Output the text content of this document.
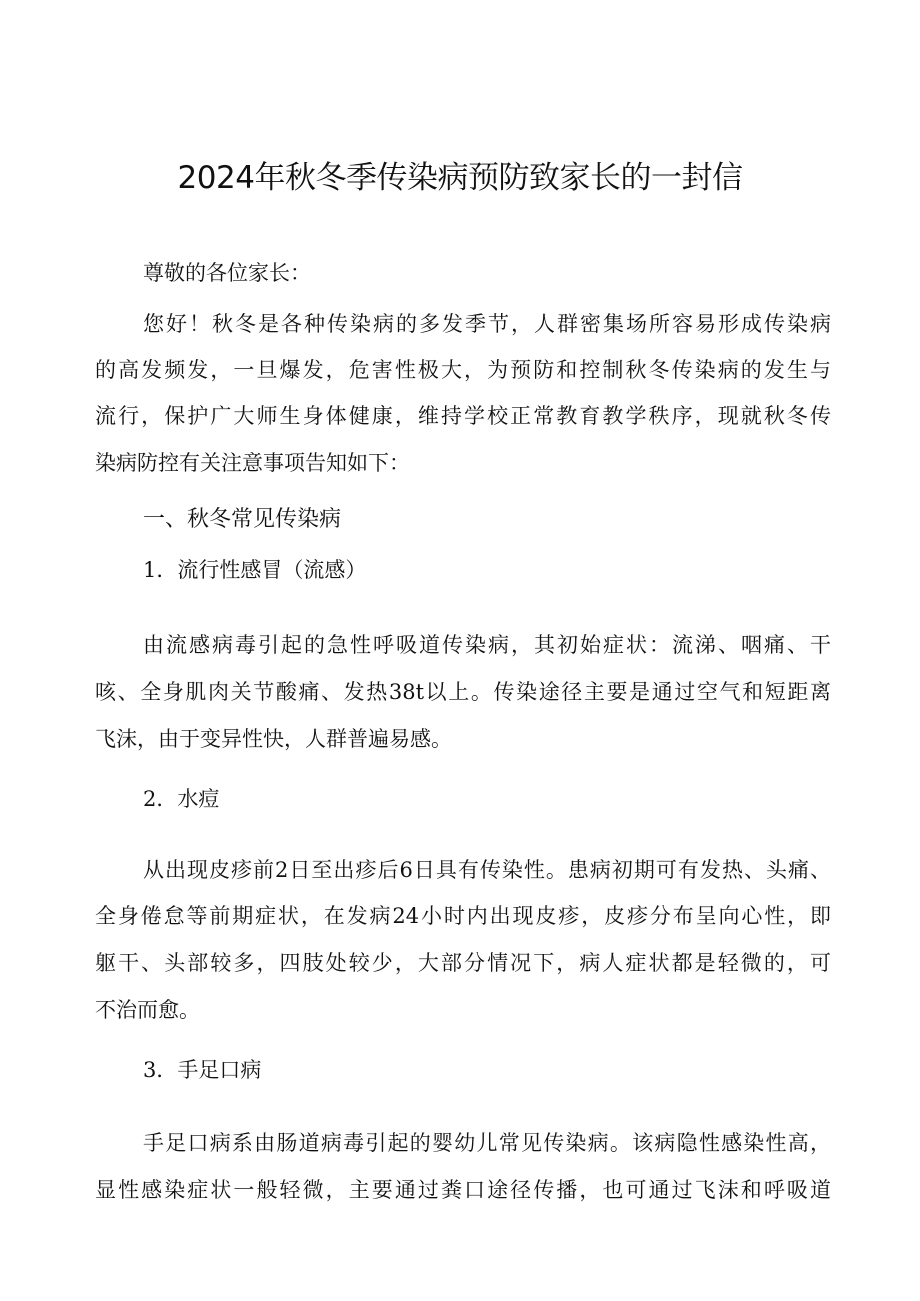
2024年秋冬季传染病预防致家长的一封信
尊敬的各位家长：
您好！秋冬是各种传染病的多发季节，人群密集场所容易形成传染病
的高发频发，一旦爆发，危害性极大，为预防和控制秋冬传染病的发生与
流行，保护广大师生身体健康，维持学校正常教育教学秩序，现就秋冬传
染病防控有关注意事项告知如下：
一、秋冬常见传染病
1．流行性感冒（流感）
由流感病毒引起的急性呼吸道传染病，其初始症状：流涕、咽痛、干
咳、全身肌肉关节酸痛、发热38t以上。传染途径主要是通过空气和短距离
飞沫，由于变异性快，人群普遍易感。
2．水痘
从出现皮疹前2日至出疹后6日具有传染性。患病初期可有发热、头痛、
全身倦怠等前期症状，在发病24小时内出现皮疹，皮疹分布呈向心性，即
躯干、头部较多，四肢处较少，大部分情况下，病人症状都是轻微的，可
不治而愈。
3．手足口病
手足口病系由肠道病毒引起的婴幼儿常见传染病。该病隐性感染性高，
显性感染症状一般轻微，主要通过粪口途径传播，也可通过飞沫和呼吸道
